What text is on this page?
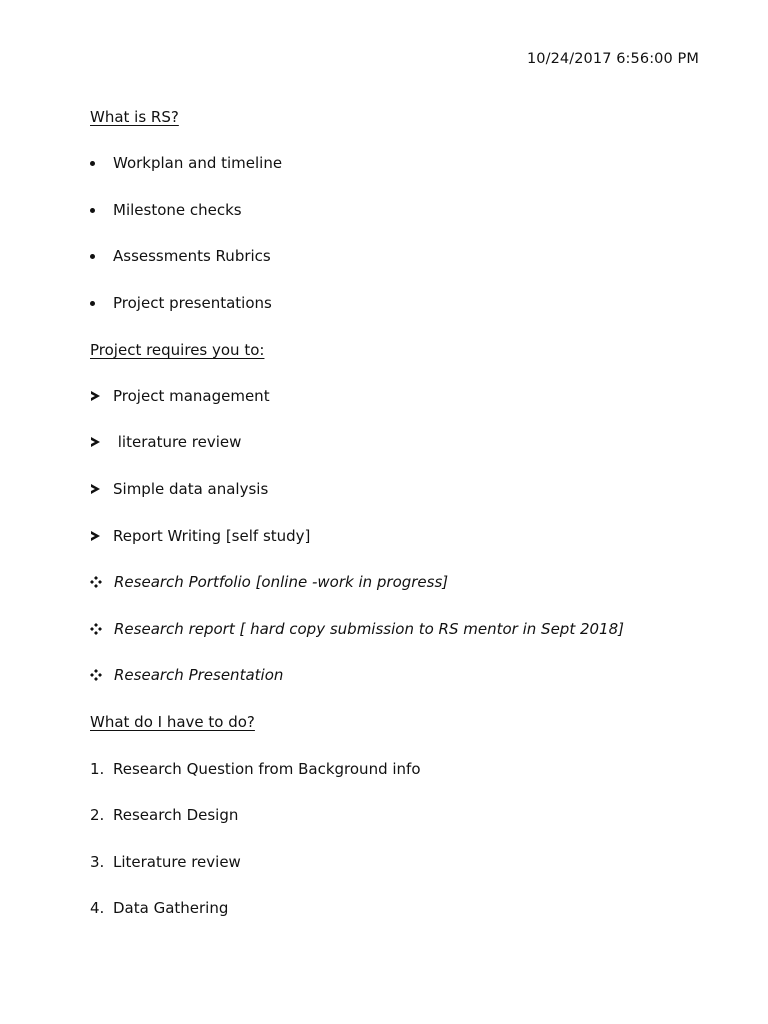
10/24/2017 6:56:00 PM
What is RS?
Workplan and timeline
Milestone checks
Assessments Rubrics
Project presentations
Project requires you to:
Project management
literature review
Simple data analysis
Report Writing [self study]
Research Portfolio [online -work in progress]
Research report [ hard copy submission to RS mentor in Sept 2018]
Research Presentation
What do I have to do?
1. Research Question from Background info
2. Research Design
3. Literature review
4. Data Gathering
